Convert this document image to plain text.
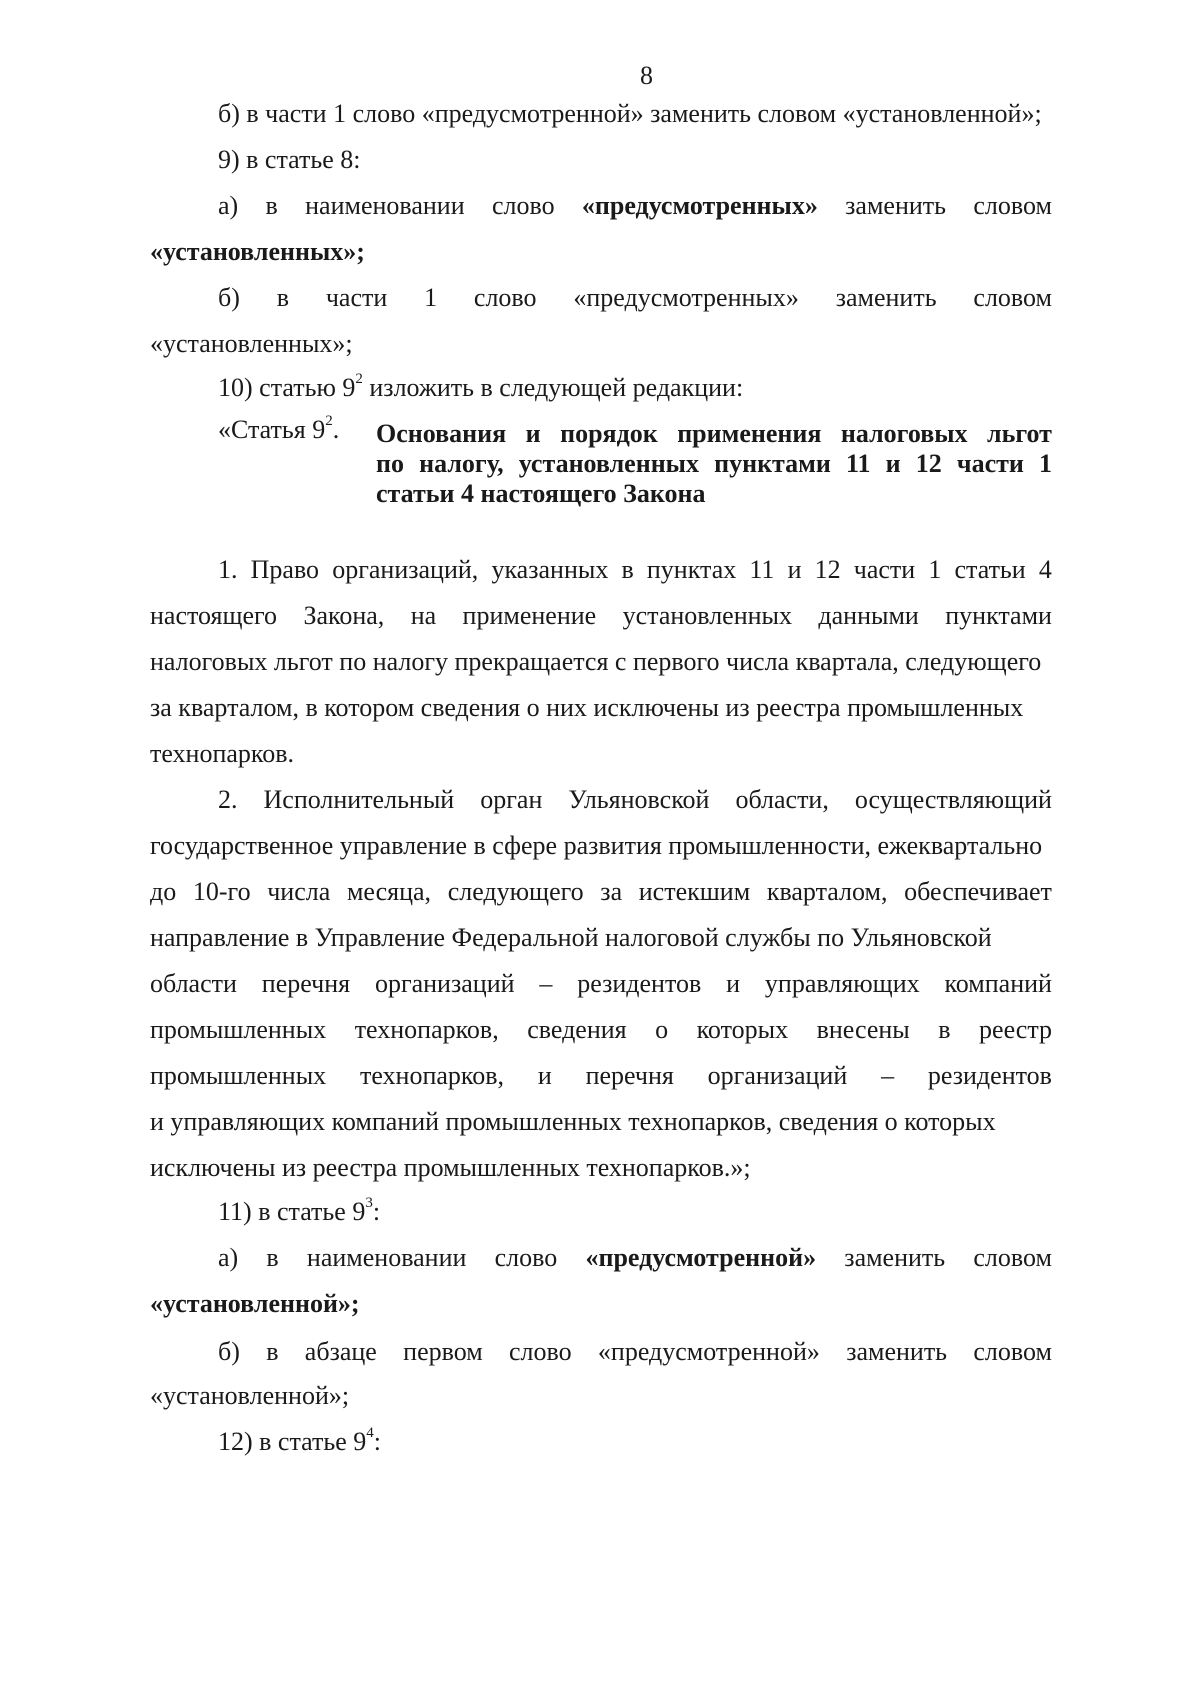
8
б) в части 1 слово «предусмотренной» заменить словом «установленной»;
9) в статье 8:
а) в наименовании слово «предусмотренных» заменить словом
«установленных»;
б) в части 1 слово «предусмотренных» заменить словом
«установленных»;
10) статью $9^2$ изложить в следующей редакции:
«Статья $9^2$. Основания и порядок применения налоговых льгот
по налогу, установленных пунктами 11 и 12 части 1
статьи 4 настоящего Закона
1. Право организаций, указанных в пунктах 11 и 12 части 1 статьи 4
настоящего Закона, на применение установленных данными пунктами
налоговых льгот по налогу прекращается с первого числа квартала, следующего
за кварталом, в котором сведения о них исключены из реестра промышленных
технопарков.
2. Исполнительный орган Ульяновской области, осуществляющий
государственное управление в сфере развития промышленности, ежеквартально
до 10-го числа месяца, следующего за истекшим кварталом, обеспечивает
направление в Управление Федеральной налоговой службы по Ульяновской
области перечня организаций – резидентов и управляющих компаний
промышленных технопарков, сведения о которых внесены в реестр
промышленных технопарков, и перечня организаций – резидентов
и управляющих компаний промышленных технопарков, сведения о которых
исключены из реестра промышленных технопарков.»;
11) в статье $9^3$:
а) в наименовании слово «предусмотренной» заменить словом
«установленной»;
б) в абзаце первом слово «предусмотренной» заменить словом
«установленной»;
12) в статье $9^4$:
